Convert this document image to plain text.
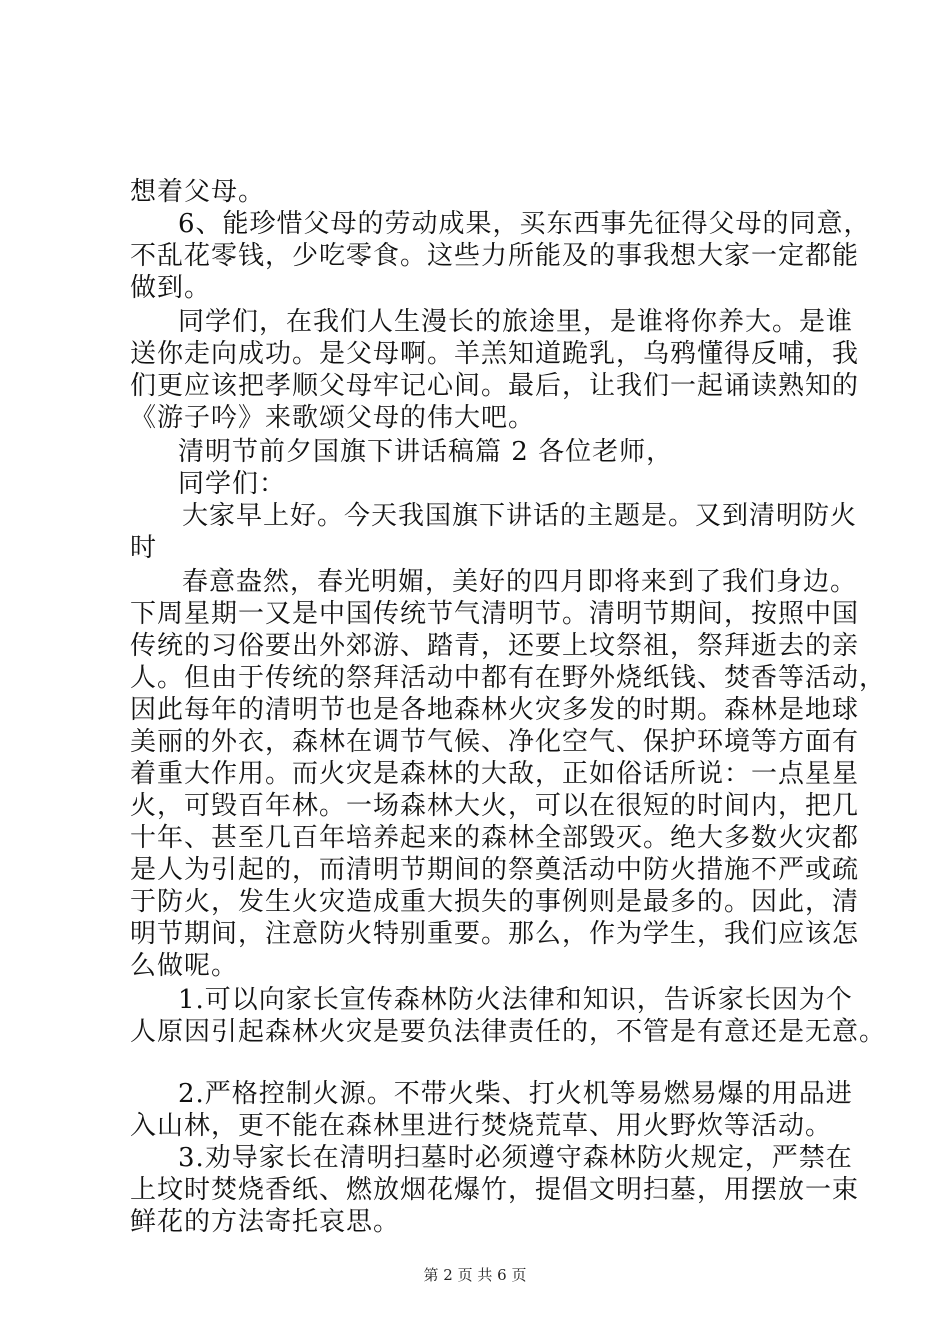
想着父母。
6、能珍惜父母的劳动成果，买东西事先征得父母的同意，
不乱花零钱，少吃零食。这些力所能及的事我想大家一定都能
做到。
同学们，在我们人生漫长的旅途里，是谁将你养大。是谁
送你走向成功。是父母啊。羊羔知道跪乳，乌鸦懂得反哺，我
们更应该把孝顺父母牢记心间。最后，让我们一起诵读熟知的
《游子吟》来歌颂父母的伟大吧。
清明节前夕国旗下讲话稿篇 2 各位老师，
同学们：
大家早上好。今天我国旗下讲话的主题是。又到清明防火
时
春意盎然，春光明媚，美好的四月即将来到了我们身边。
下周星期一又是中国传统节气清明节。清明节期间，按照中国
传统的习俗要出外郊游、踏青，还要上坟祭祖，祭拜逝去的亲
人。但由于传统的祭拜活动中都有在野外烧纸钱、焚香等活动，
因此每年的清明节也是各地森林火灾多发的时期。森林是地球
美丽的外衣，森林在调节气候、净化空气、保护环境等方面有
着重大作用。而火灾是森林的大敌，正如俗话所说：一点星星
火，可毁百年林。一场森林大火，可以在很短的时间内，把几
十年、甚至几百年培养起来的森林全部毁灭。绝大多数火灾都
是人为引起的，而清明节期间的祭奠活动中防火措施不严或疏
于防火，发生火灾造成重大损失的事例则是最多的。因此，清
明节期间，注意防火特别重要。那么，作为学生，我们应该怎
么做呢。
1.可以向家长宣传森林防火法律和知识，告诉家长因为个
人原因引起森林火灾是要负法律责任的，不管是有意还是无意。
2.严格控制火源。不带火柴、打火机等易燃易爆的用品进
入山林，更不能在森林里进行焚烧荒草、用火野炊等活动。
3.劝导家长在清明扫墓时必须遵守森林防火规定，严禁在
上坟时焚烧香纸、燃放烟花爆竹，提倡文明扫墓，用摆放一束
鲜花的方法寄托哀思。
第 2 页 共 6 页
